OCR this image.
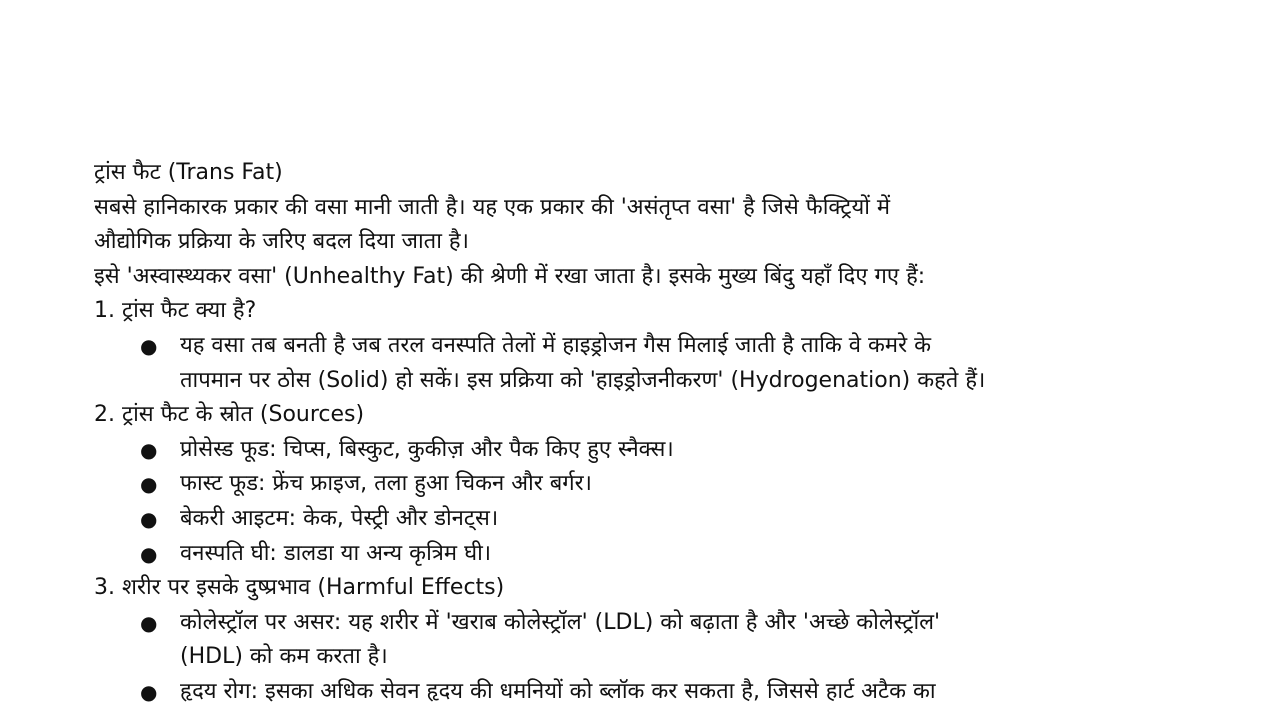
ट्रांस फैट (Trans Fat)
सबसे हानिकारक प्रकार की वसा मानी जाती है। यह एक प्रकार की 'असंतृप्त वसा' है जिसे फैक्ट्रियों में
औद्योगिक प्रक्रिया के जरिए बदल दिया जाता है।
इसे 'अस्वास्थ्यकर वसा' (Unhealthy Fat) की श्रेणी में रखा जाता है। इसके मुख्य बिंदु यहाँ दिए गए हैं:
1. ट्रांस फैट क्या है?
● यह वसा तब बनती है जब तरल वनस्पति तेलों में हाइड्रोजन गैस मिलाई जाती है ताकि वे कमरे के
तापमान पर ठोस (Solid) हो सकें। इस प्रक्रिया को 'हाइड्रोजनीकरण' (Hydrogenation) कहते हैं।
2. ट्रांस फैट के स्रोत (Sources)
● प्रोसेस्ड फूड: चिप्स, बिस्कुट, कुकीज़ और पैक किए हुए स्नैक्स।
● फास्ट फूड: फ्रेंच फ्राइज, तला हुआ चिकन और बर्गर।
● बेकरी आइटम: केक, पेस्ट्री और डोनट्स।
● वनस्पति घी: डालडा या अन्य कृत्रिम घी।
3. शरीर पर इसके दुष्प्रभाव (Harmful Effects)
● कोलेस्ट्रॉल पर असर: यह शरीर में 'खराब कोलेस्ट्रॉल' (LDL) को बढ़ाता है और 'अच्छे कोलेस्ट्रॉल'
(HDL) को कम करता है।
● हृदय रोग: इसका अधिक सेवन हृदय की धमनियों को ब्लॉक कर सकता है, जिससे हार्ट अटैक का
